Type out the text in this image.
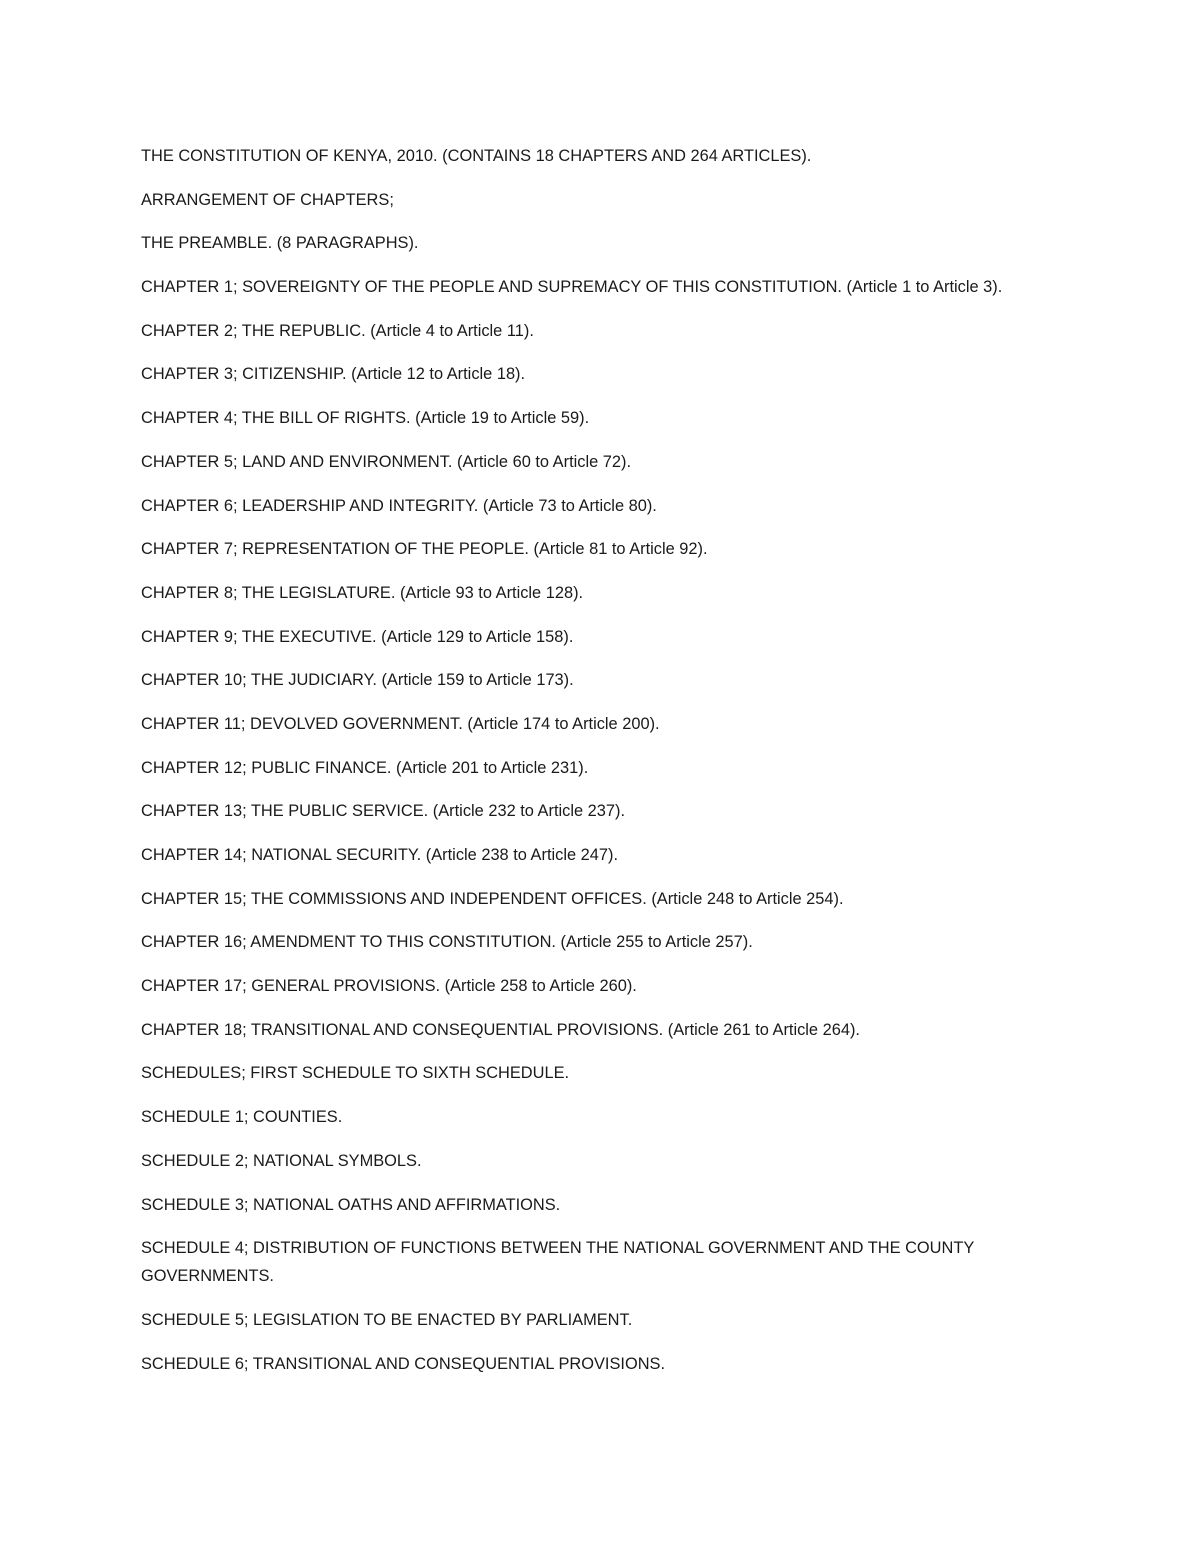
THE CONSTITUTION OF KENYA, 2010. (CONTAINS 18 CHAPTERS AND 264 ARTICLES).

ARRANGEMENT OF CHAPTERS;

THE PREAMBLE. (8 PARAGRAPHS).

CHAPTER 1; SOVEREIGNTY OF THE PEOPLE AND SUPREMACY OF THIS CONSTITUTION. (Article 1 to Article 3).

CHAPTER 2; THE REPUBLIC. (Article 4 to Article 11).

CHAPTER 3; CITIZENSHIP. (Article 12 to Article 18).

CHAPTER 4; THE BILL OF RIGHTS. (Article 19 to Article 59).

CHAPTER 5; LAND AND ENVIRONMENT. (Article 60 to Article 72).

CHAPTER 6; LEADERSHIP AND INTEGRITY. (Article 73 to Article 80).

CHAPTER 7; REPRESENTATION OF THE PEOPLE. (Article 81 to Article 92).

CHAPTER 8; THE LEGISLATURE. (Article 93 to Article 128).

CHAPTER 9; THE EXECUTIVE. (Article 129 to Article 158).

CHAPTER 10; THE JUDICIARY. (Article 159 to Article 173).

CHAPTER 11; DEVOLVED GOVERNMENT. (Article 174 to Article 200).

CHAPTER 12; PUBLIC FINANCE. (Article 201 to Article 231).

CHAPTER 13; THE PUBLIC SERVICE. (Article 232 to Article 237).

CHAPTER 14; NATIONAL SECURITY. (Article 238 to Article 247).

CHAPTER 15; THE COMMISSIONS AND INDEPENDENT OFFICES. (Article 248 to Article 254).

CHAPTER 16; AMENDMENT TO THIS CONSTITUTION. (Article 255 to Article 257).

CHAPTER 17; GENERAL PROVISIONS. (Article 258 to Article 260).

CHAPTER 18; TRANSITIONAL AND CONSEQUENTIAL PROVISIONS. (Article 261 to Article 264).

SCHEDULES; FIRST SCHEDULE TO SIXTH SCHEDULE.

SCHEDULE 1; COUNTIES.

SCHEDULE 2; NATIONAL SYMBOLS.

SCHEDULE 3; NATIONAL OATHS AND AFFIRMATIONS.

SCHEDULE 4; DISTRIBUTION OF FUNCTIONS BETWEEN THE NATIONAL GOVERNMENT AND THE COUNTY GOVERNMENTS.

SCHEDULE 5; LEGISLATION TO BE ENACTED BY PARLIAMENT.

SCHEDULE 6; TRANSITIONAL AND CONSEQUENTIAL PROVISIONS.
